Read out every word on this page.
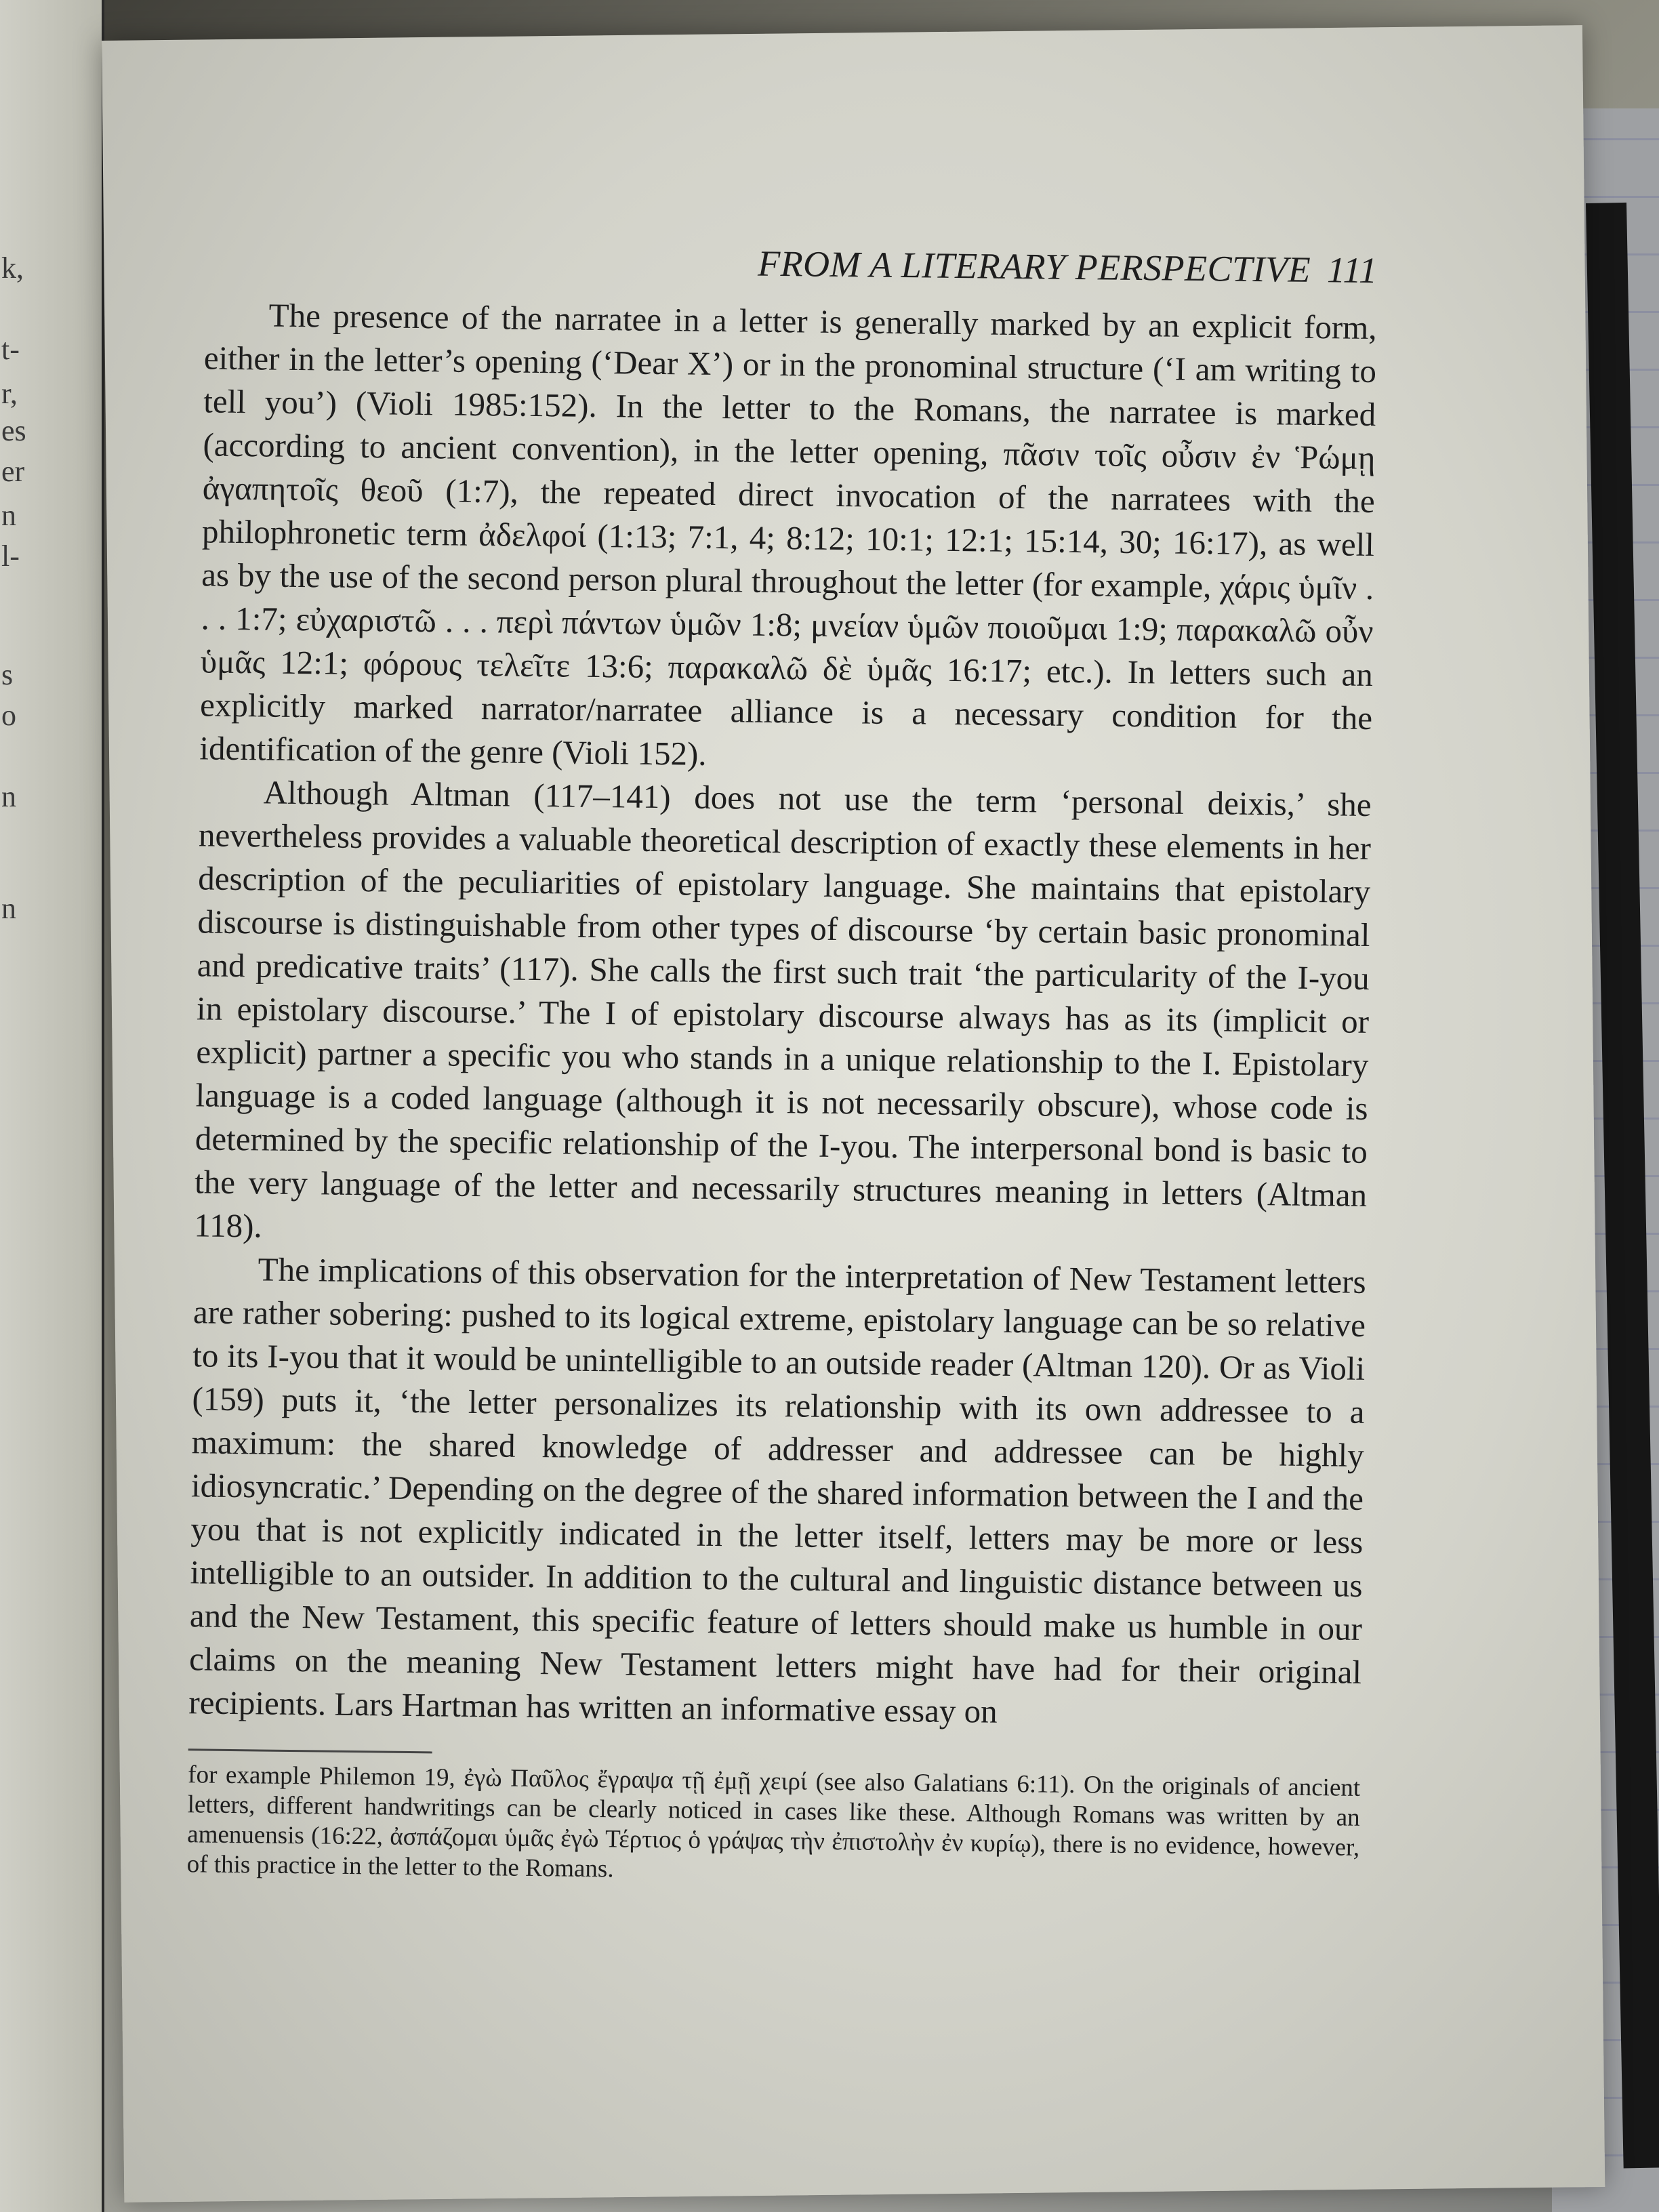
k,
t-
r,
es
er
n
l-
s
o
n
n
FROM A LITERARY PERSPECTIVE 111

The presence of the narratee in a letter is generally marked by an explicit form, either in the letter’s opening (‘Dear X’) or in the pronominal structure (‘I am writing to tell you’) (Violi 1985:152). In the letter to the Romans, the narratee is marked (according to ancient convention), in the letter opening, πᾶσιν τοῖς οὖσιν ἐν Ῥώμῃ ἀγαπητοῖς θεοῦ (1:7), the repeated direct invocation of the narratees with the philophronetic term ἀδελφοί (1:13; 7:1, 4; 8:12; 10:1; 12:1; 15:14, 30; 16:17), as well as by the use of the second person plural throughout the letter (for example, χάρις ὑμῖν . . . 1:7; εὐχαριστῶ . . . περὶ πάντων ὑμῶν 1:8; μνείαν ὑμῶν ποιοῦμαι 1:9; παρακαλῶ οὖν ὑμᾶς 12:1; φόρους τελεῖτε 13:6; παρακαλῶ δὲ ὑμᾶς 16:17; etc.). In letters such an explicitly marked narrator/narratee alliance is a necessary condition for the identification of the genre (Violi 152).

Although Altman (117–141) does not use the term ‘personal deixis,’ she nevertheless provides a valuable theoretical description of exactly these elements in her description of the peculiarities of epistolary language. She maintains that epistolary discourse is distinguishable from other types of discourse ‘by certain basic pronominal and predicative traits’ (117). She calls the first such trait ‘the particularity of the I-you in epistolary discourse.’ The I of epistolary discourse always has as its (implicit or explicit) partner a specific you who stands in a unique relationship to the I. Epistolary language is a coded language (although it is not necessarily obscure), whose code is determined by the specific relationship of the I-you. The interpersonal bond is basic to the very language of the letter and necessarily structures meaning in letters (Altman 118).

The implications of this observation for the interpretation of New Testament letters are rather sobering: pushed to its logical extreme, epistolary language can be so relative to its I-you that it would be unintelligible to an outside reader (Altman 120). Or as Violi (159) puts it, ‘the letter personalizes its relationship with its own addressee to a maximum: the shared knowledge of addresser and addressee can be highly idiosyncratic.’ Depending on the degree of the shared information between the I and the you that is not explicitly indicated in the letter itself, letters may be more or less intelligible to an outsider. In addition to the cultural and linguistic distance between us and the New Testament, this specific feature of letters should make us humble in our claims on the meaning New Testament letters might have had for their original recipients. Lars Hartman has written an informative essay on

for example Philemon 19, ἐγὼ Παῦλος ἔγραψα τῇ ἐμῇ χειρί (see also Galatians 6:11). On the originals of ancient letters, different handwritings can be clearly noticed in cases like these. Although Romans was written by an amenuensis (16:22, ἀσπάζομαι ὑμᾶς ἐγὼ Τέρτιος ὁ γράψας τὴν ἐπιστολὴν ἐν κυρίῳ), there is no evidence, however, of this practice in the letter to the Romans.
